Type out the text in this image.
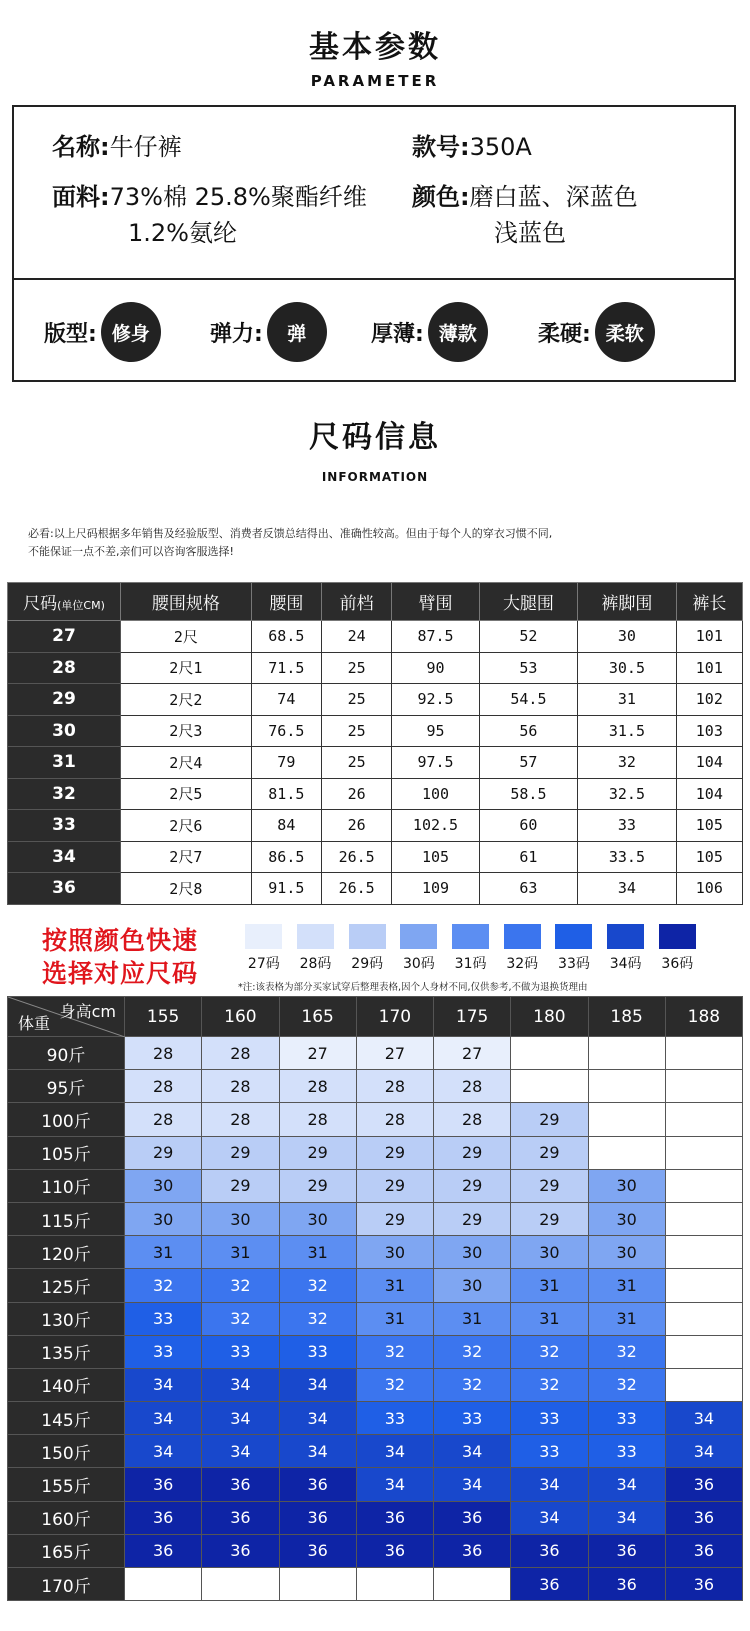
基本参数
PARAMETER
名称:牛仔裤	款号:350A
面料:73%棉 25.8%聚酯纤维
1.2%氨纶
颜色:磨白蓝、深蓝色
浅蓝色
版型: 修身	弹力:	弹	厚薄: 薄款	柔硬: 柔软
尺码信息
INFORMATION
必看:以上尺码根据多年销售及经验版型、消费者反馈总结得出、准确性较高。但由于每个人的穿衣习惯不同,
不能保证一点不差,亲们可以咨询客服选择!
尺码(单位CM)	腰围规格	腰围	前档	臂围	大腿围	裤脚围	裤长
27	2尺	68.5	24	87.5	52	30	101
28	2尺1	71.5	25	90	53	30.5	101
29	2尺2	74	25	92.5	54.5	31	102
30	2尺3	76.5	25	95	56	31.5	103
31	2尺4	79	25	97.5	57	32	104
32	2尺5	81.5	26	100	58.5	32.5	104
33	2尺6	84	26	102.5	60	33	105
34	2尺7	86.5	26.5	105	61	33.5	105
36	2尺8	91.5	26.5	109	63	34	106
按照颜色快速
选择对应尺码	27码 28码 29码 30码 31码 32码 33码 34码 36码
*注:该表格为部分买家试穿后整理表格,因个人身材不同,仅供参考,不做为退换货理由
身高cm
体重	155	160	165	170	175	180	185	188
90斤	28	28	27	27	27			
95斤	28	28	28	28	28			
100斤	28	28	28	28	28	29		
105斤	29	29	29	29	29	29		
110斤	30	29	29	29	29	29	30	
115斤	30	30	30	29	29	29	30	
120斤	31	31	31	30	30	30	30	
125斤	32	32	32	31	30	31	31	
130斤	33	32	32	31	31	31	31	
135斤	33	33	33	32	32	32	32	
140斤	34	34	34	32	32	32	32	
145斤	34	34	34	33	33	33	33	34
150斤	34	34	34	34	34	33	33	34
155斤	36	36	36	34	34	34	34	36
160斤	36	36	36	36	36	34	34	36
165斤	36	36	36	36	36	36	36	36
170斤						36	36	36
